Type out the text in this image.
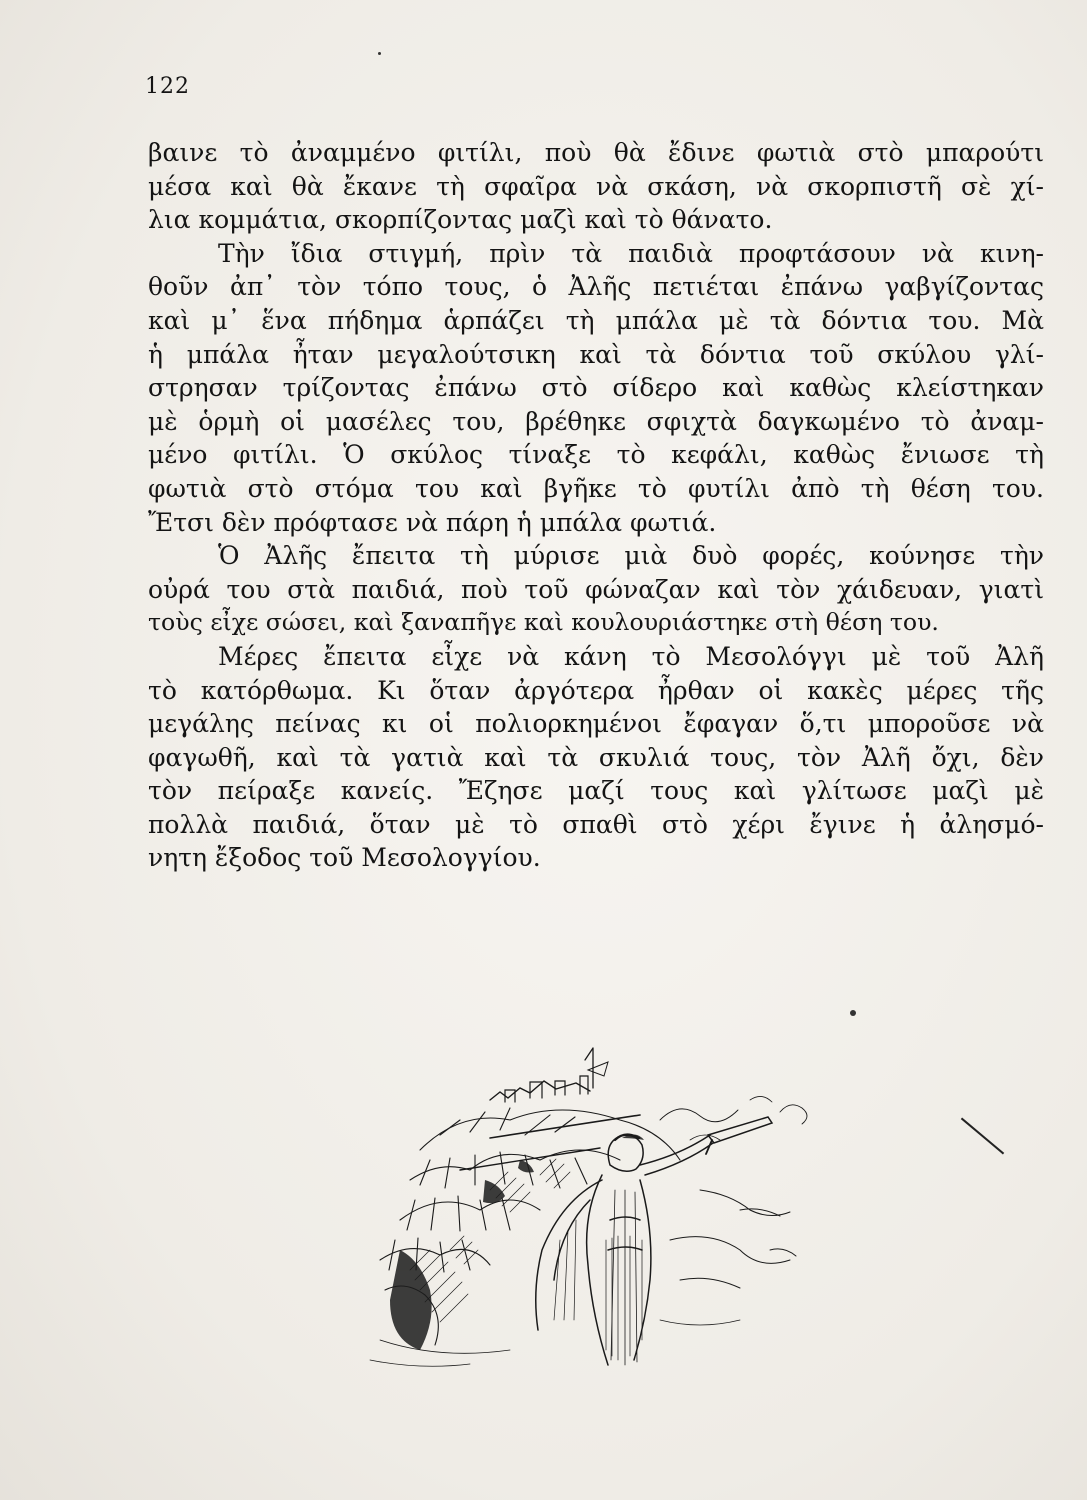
122
βαινε τὸ ἀναμμένο φιτίλι, ποὺ θὰ ἔδινε φωτιὰ στὸ μπαρούτι
μέσα καὶ θὰ ἔκανε τὴ σφαῖρα νὰ σκάση, νὰ σκορπιστῆ σὲ χί-
λια κομμάτια, σκορπίζοντας μαζὶ καὶ τὸ θάνατο.
Τὴν ἴδια στιγμή, πρὶν τὰ παιδιὰ προφτάσουν νὰ κινη-
θοῦν ἀπ᾿ τὸν τόπο τους, ὁ Ἀλῆς πετιέται ἐπάνω γαβγίζοντας
καὶ μ᾿ ἕνα πήδημα ἁρπάζει τὴ μπάλα μὲ τὰ δόντια του. Μὰ
ἡ μπάλα ἦταν μεγαλούτσικη καὶ τὰ δόντια τοῦ σκύλου γλί-
στρησαν τρίζοντας ἐπάνω στὸ σίδερο καὶ καθὼς κλείστηκαν
μὲ ὁρμὴ οἱ μασέλες του, βρέθηκε σφιχτὰ δαγκωμένο τὸ ἀναμ-
μένο φιτίλι. Ὁ σκύλος τίναξε τὸ κεφάλι, καθὼς ἔνιωσε τὴ
φωτιὰ στὸ στόμα του καὶ βγῆκε τὸ φυτίλι ἀπὸ τὴ θέση του.
Ἔτσι δὲν πρόφτασε νὰ πάρη ἡ μπάλα φωτιά.
Ὁ Ἀλῆς ἔπειτα τὴ μύρισε μιὰ δυὸ φορές, κούνησε τὴν
οὐρά του στὰ παιδιά, ποὺ τοῦ φώναζαν καὶ τὸν χάιδευαν, γιατὶ
τοὺς εἶχε σώσει, καὶ ξαναπῆγε καὶ κουλουριάστηκε στὴ θέση του.
Μέρες ἔπειτα εἶχε νὰ κάνη τὸ Μεσολόγγι μὲ τοῦ Ἀλῆ
τὸ κατόρθωμα. Κι ὅταν ἀργότερα ἦρθαν οἱ κακὲς μέρες τῆς
μεγάλης πείνας κι οἱ πολιορκημένοι ἔφαγαν ὅ,τι μποροῦσε νὰ
φαγωθῆ, καὶ τὰ γατιὰ καὶ τὰ σκυλιά τους, τὸν Ἀλῆ ὄχι, δὲν
τὸν πείραξε κανείς. Ἔζησε μαζί τους καὶ γλίτωσε μαζὶ μὲ
πολλὰ παιδιά, ὅταν μὲ τὸ σπαθὶ στὸ χέρι ἔγινε ἡ ἀλησμό-
νητη ἔξοδος τοῦ Μεσολογγίου.
